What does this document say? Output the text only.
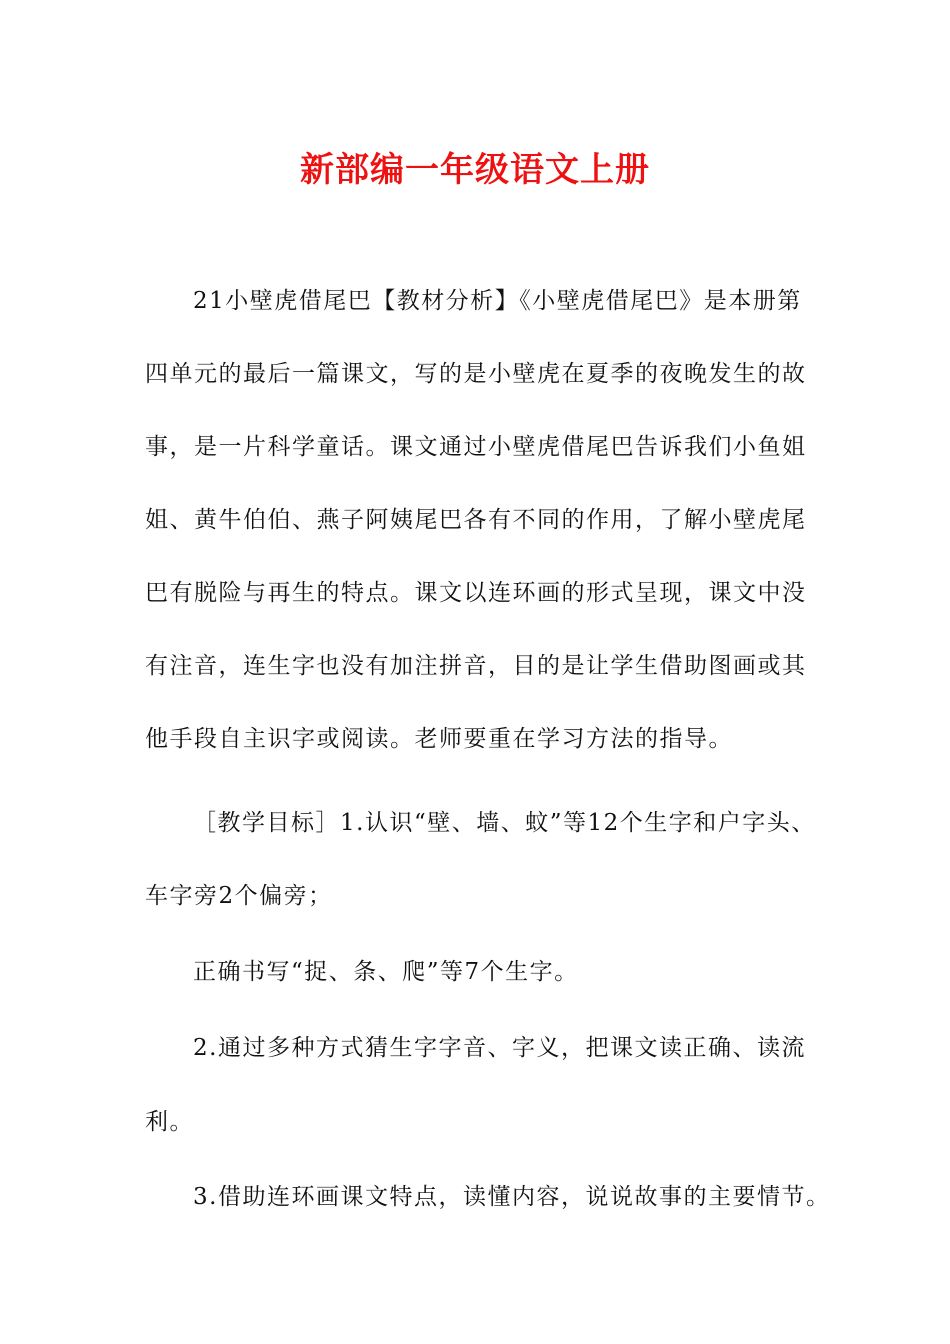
新部编一年级语文上册
21小壁虎借尾巴【教材分析】《小壁虎借尾巴》是本册第
四单元的最后一篇课文，写的是小壁虎在夏季的夜晚发生的故
事，是一片科学童话。课文通过小壁虎借尾巴告诉我们小鱼姐
姐、黄牛伯伯、燕子阿姨尾巴各有不同的作用，了解小壁虎尾
巴有脱险与再生的特点。课文以连环画的形式呈现，课文中没
有注音，连生字也没有加注拼音，目的是让学生借助图画或其
他手段自主识字或阅读。老师要重在学习方法的指导。
［教学目标］1.认识“壁、墙、蚊”等12个生字和户字头、
车字旁2个偏旁；
正确书写“捉、条、爬”等7个生字。
2.通过多种方式猜生字字音、字义，把课文读正确、读流
利。
3.借助连环画课文特点，读懂内容，说说故事的主要情节。
